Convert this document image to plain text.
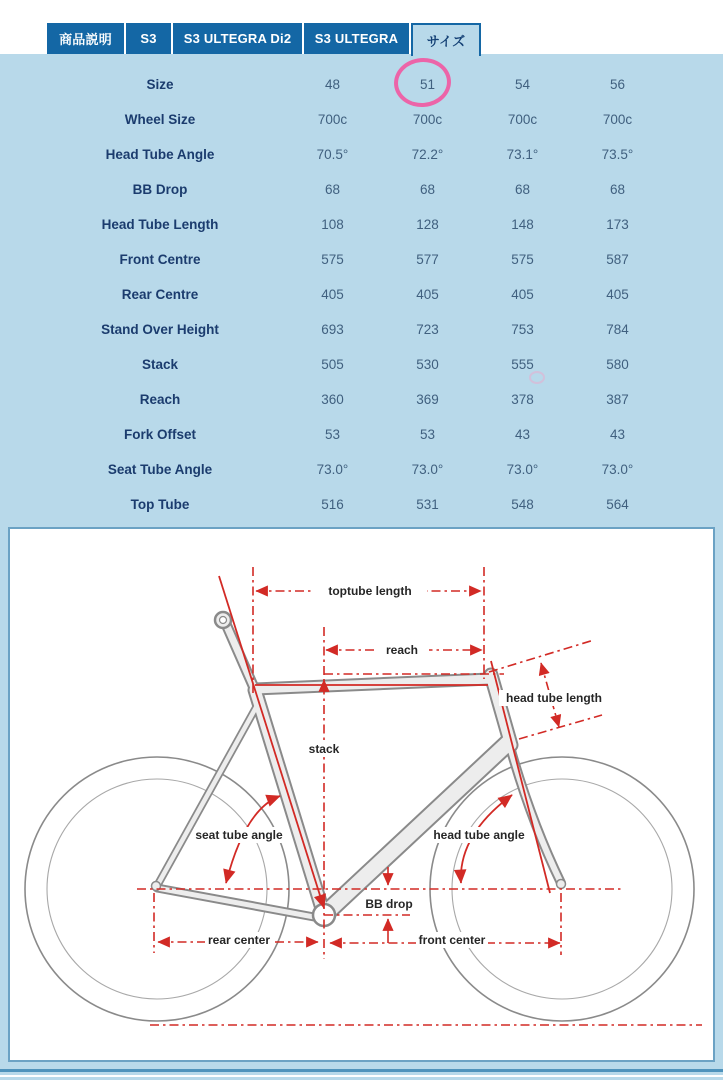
商品説明	S3	S3 ULTEGRA Di2	S3 ULTEGRA	サイズ
Size	48	51	54	56
Wheel Size	700c	700c	700c	700c
Head Tube Angle	70.5°	72.2°	73.1°	73.5°
BB Drop	68	68	68	68
Head Tube Length	108	128	148	173
Front Centre	575	577	575	587
Rear Centre	405	405	405	405
Stand Over Height	693	723	753	784
Stack	505	530	555	580
Reach	360	369	378	387
Fork Offset	53	53	43	43
Seat Tube Angle	73.0°	73.0°	73.0°	73.0°
Top Tube	516	531	548	564
toptube length
reach
head tube length
stack
seat tube angle	head tube angle
BB drop
rear center	front center
